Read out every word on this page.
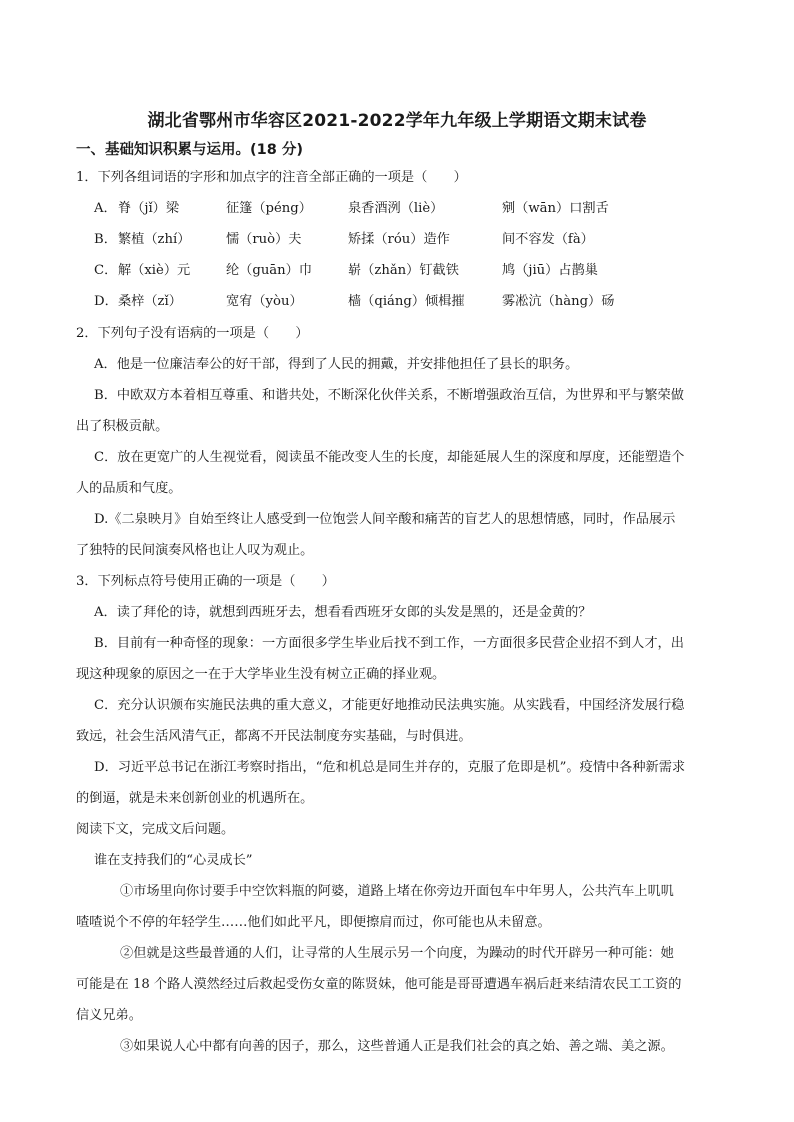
湖北省鄂州市华容区2021-2022学年九年级上学期语文期末试卷
一、基础知识积累与运用。(18 分)
1．下列各组词语的字形和加点字的注音全部正确的一项是（　　）
A． 脊（jǐ）梁	征篷（péng）	泉香酒洌（liè）	剜（wān）口割舌
B． 繁植（zhí）	懦（ruò）夫	矫揉（róu）造作	间不容发（fà）
C． 解（xiè）元	纶（guān）巾	崭（zhǎn）钉截铁	鸠（jiū）占鹊巢
D． 桑梓（zǐ）	宽宥（yòu）	樯（qiáng）倾楫摧	雾凇沆（hàng）砀
2．下列句子没有语病的一项是（　　）
A．他是一位廉洁奉公的好干部，得到了人民的拥戴，并安排他担任了县长的职务。
B．中欧双方本着相互尊重、和谐共处，不断深化伙伴关系，不断增强政治互信，为世界和平与繁荣做
出了积极贡献。
C．放在更宽广的人生视觉看，阅读虽不能改变人生的长度，却能延展人生的深度和厚度，还能塑造个
人的品质和气度。
D.《二泉映月》自始至终让人感受到一位饱尝人间辛酸和痛苦的盲艺人的思想情感，同时，作品展示
了独特的民间演奏风格也让人叹为观止。
3．下列标点符号使用正确的一项是（　　）
A．读了拜伦的诗，就想到西班牙去，想看看西班牙女郎的头发是黑的，还是金黄的？
B．目前有一种奇怪的现象：一方面很多学生毕业后找不到工作，一方面很多民营企业招不到人才，出
现这种现象的原因之一在于大学毕业生没有树立正确的择业观。
C．充分认识颁布实施民法典的重大意义，才能更好地推动民法典实施。从实践看，中国经济发展行稳
致远，社会生活风清气正，都离不开民法制度夯实基础，与时俱进。
D．习近平总书记在浙江考察时指出，“危和机总是同生并存的，克服了危即是机”。疫情中各种新需求
的倒逼，就是未来创新创业的机遇所在。
阅读下文，完成文后问题。
谁在支持我们的“心灵成长”
①市场里向你讨要手中空饮料瓶的阿婆，道路上堵在你旁边开面包车中年男人，公共汽车上叽叽
喳喳说个不停的年轻学生……他们如此平凡，即便擦肩而过，你可能也从未留意。
②但就是这些最普通的人们，让寻常的人生展示另一个向度，为躁动的时代开辟另一种可能：她
可能是在 18 个路人漠然经过后救起受伤女童的陈贤妹，他可能是哥哥遭遇车祸后赶来结清农民工工资的
信义兄弟。
③如果说人心中都有向善的因子，那么，这些普通人正是我们社会的真之始、善之端、美之源。
